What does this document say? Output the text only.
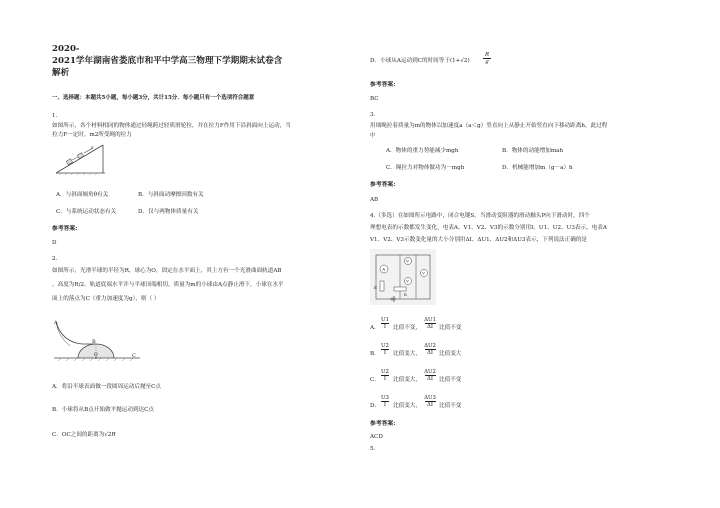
2020-
2021学年湖南省娄底市和平中学高三物理下学期期末试卷含
解析
一、选择题：本题共5小题，每小题3分，共计15分．每小题只有一个选项符合题意
1.
如图所示，各个材料相同的物体通过轻绳跨过轻质滑轮拉，并在拉力F作用下沿斜面向上运动，当
拉力F一定时，m2所受绳的拉力
F
A．与斜面倾角θ有关	B．与斜面动摩擦因数有关
C．与系统运动状态有关	D．仅与两物体质量有关
参考答案:
D
2.
如图所示，光滑半球的半径为R，球心为O，固定在水平面上，其上方有一个光滑曲面轨道AB
，高度为R/2。轨道底端水平并与半球顶端相切。质量为m的小球由A点静止滑下，小球在水平
面上的落点为C（重力加速度为g），则（ ）
A
B
O	C
A．将沿半球表面做一段圆周运动后抛至C点
B．小球将从B点开始做平抛运动到达C点
C．OC之间的距离为√2R
D．小球从A运动到C的时间等于(1+√2)
R
g
参考答案:
BC
3.
用细绳拉着质量为m的物体以加速度a（a＜g）竖直向上从静止开始竖直向下移动距离h，此过程
中
A．物体的重力势能减少mgh	B．物体的动能增加mah
C．绳拉力对物体做功为－mgh	D．机械能增加m（g－a）h
参考答案:
AB
4.（多选）在如图所示电路中，闭合电键S，当滑动变阻器的滑动触头P向下滑动时，四个
理想电表的示数都发生变化，电表A、V1、V2、V3的示数分别用I、U1、U2、U3表示，电表A
V1、V2、V3示数变化量的大小分别用ΔI、ΔU1、ΔU2和ΔU3表示，下列说法正确的是
A
V
V
V
E
R
A．
U1
I	比值不变，
ΔU1
ΔI	比值不变
B．
U2
I	比值变大，
ΔU2
ΔI	比值变大
C．
U2
I	比值变大，
ΔU2
ΔI	比值不变
D．
U3
I	比值变大，
ΔU3
ΔI	比值不变
参考答案:
ACD
5.
